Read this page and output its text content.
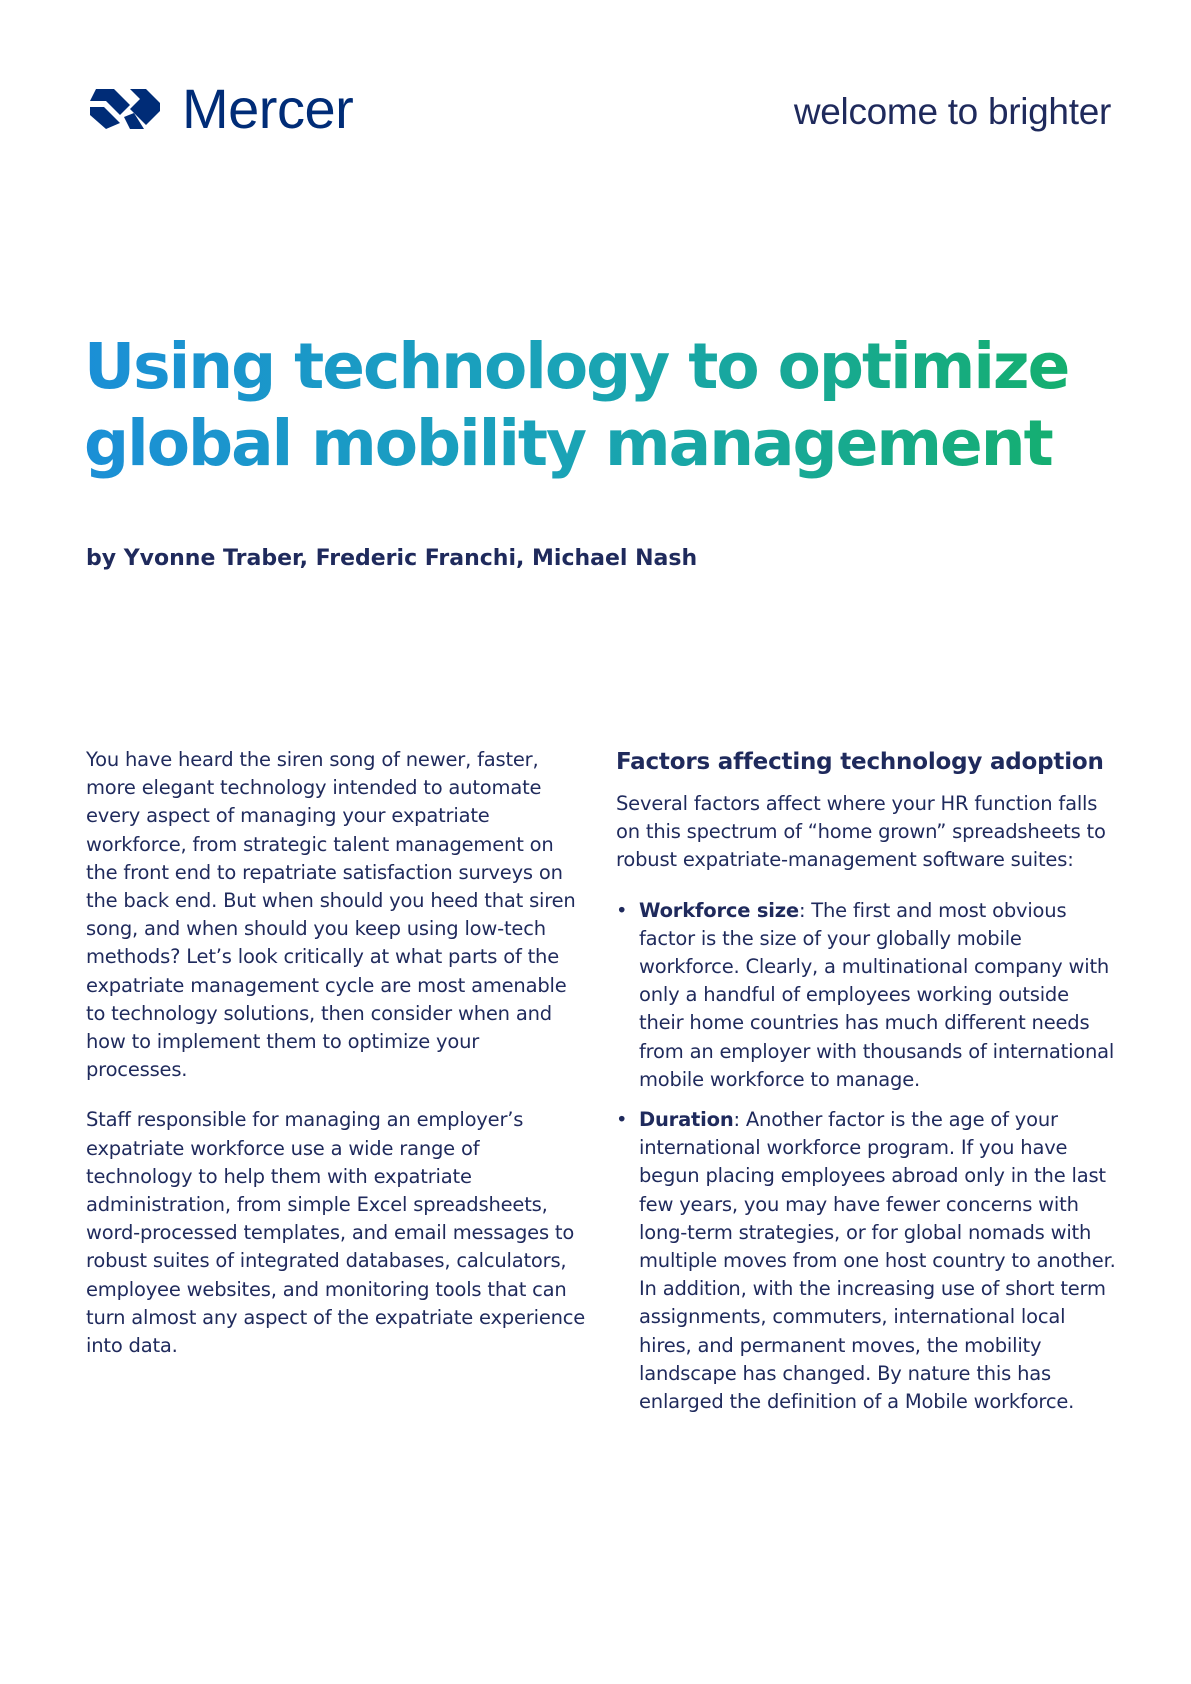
Mercer	welcome to brighter
Using technology to optimize global mobility management
by Yvonne Traber, Frederic Franchi, Michael Nash

You have heard the siren song of newer, faster, more elegant technology intended to automate every aspect of managing your expatriate workforce, from strategic talent management on the front end to repatriate satisfaction surveys on the back end. But when should you heed that siren song, and when should you keep using low-tech methods? Let’s look critically at what parts of the expatriate management cycle are most amenable to technology solutions, then consider when and how to implement them to optimize your processes.

Staff responsible for managing an employer’s expatriate workforce use a wide range of technology to help them with expatriate administration, from simple Excel spreadsheets, word-processed templates, and email messages to robust suites of integrated databases, calculators, employee websites, and monitoring tools that can turn almost any aspect of the expatriate experience into data.

Factors affecting technology adoption

Several factors affect where your HR function falls on this spectrum of “home grown” spreadsheets to robust expatriate-management software suites:

• Workforce size: The first and most obvious factor is the size of your globally mobile workforce. Clearly, a multinational company with only a handful of employees working outside their home countries has much different needs from an employer with thousands of international mobile workforce to manage.
• Duration: Another factor is the age of your international workforce program. If you have begun placing employees abroad only in the last few years, you may have fewer concerns with long-term strategies, or for global nomads with multiple moves from one host country to another. In addition, with the increasing use of short term assignments, commuters, international local hires, and permanent moves, the mobility landscape has changed. By nature this has enlarged the definition of a Mobile workforce.
